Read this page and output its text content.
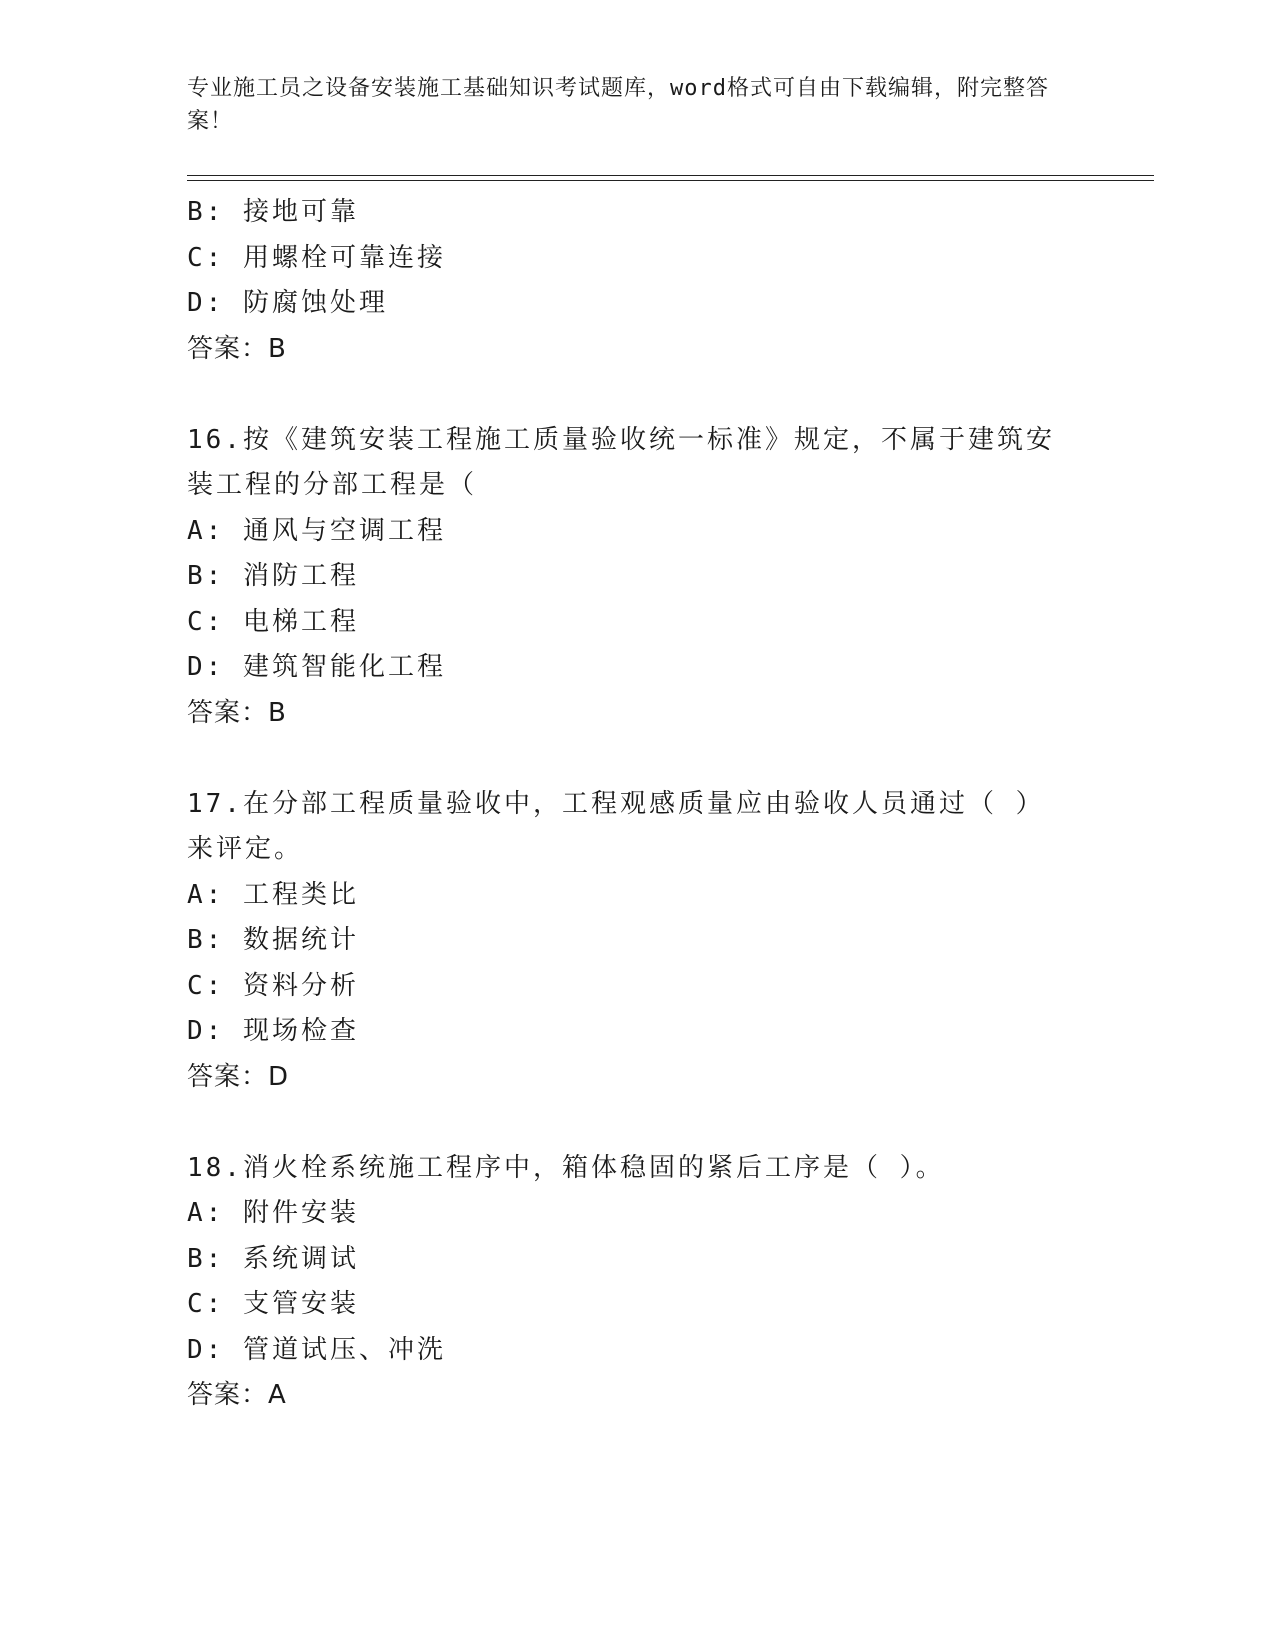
专业施工员之设备安装施工基础知识考试题库，word格式可自由下载编辑，附完整答案！
B: 接地可靠
C: 用螺栓可靠连接
D: 防腐蚀处理
答案：B
16.按《建筑安装工程施工质量验收统一标准》规定，不属于建筑安装工程的分部工程是（
A: 通风与空调工程
B: 消防工程
C: 电梯工程
D: 建筑智能化工程
答案：B
17.在分部工程质量验收中，工程观感质量应由验收人员通过（ ）来评定。
A: 工程类比
B: 数据统计
C: 资料分析
D: 现场检查
答案：D
18.消火栓系统施工程序中，箱体稳固的紧后工序是（ ）。
A: 附件安装
B: 系统调试
C: 支管安装
D: 管道试压、冲洗
答案：A
